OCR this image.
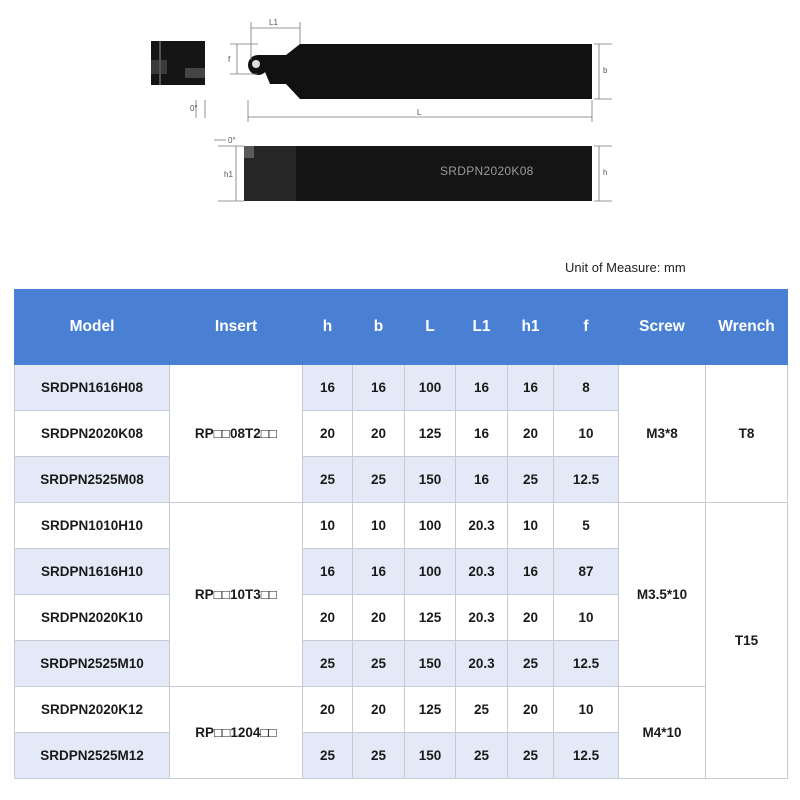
0°
L1
f
b
L
SRDPN2020K08
h1
0°
h
Unit of Measure: mm
Model	Insert	h	b	L	L1	h1	f	Screw	Wrench
SRDPN1616H08	RP□□08T2□□	16	16	100	16	16	8	M3*8	T8
SRDPN2020K08		20	20	125	16	20	10		
SRDPN2525M08		25	25	150	16	25	12.5		
SRDPN1010H10	RP□□10T3□□	10	10	100	20.3	10	5	M3.5*10	T15
SRDPN1616H10		16	16	100	20.3	16	87		
SRDPN2020K10		20	20	125	20.3	20	10		
SRDPN2525M10		25	25	150	20.3	25	12.5		
SRDPN2020K12	RP□□1204□□	20	20	125	25	20	10	M4*10	
SRDPN2525M12		25	25	150	25	25	12.5		
